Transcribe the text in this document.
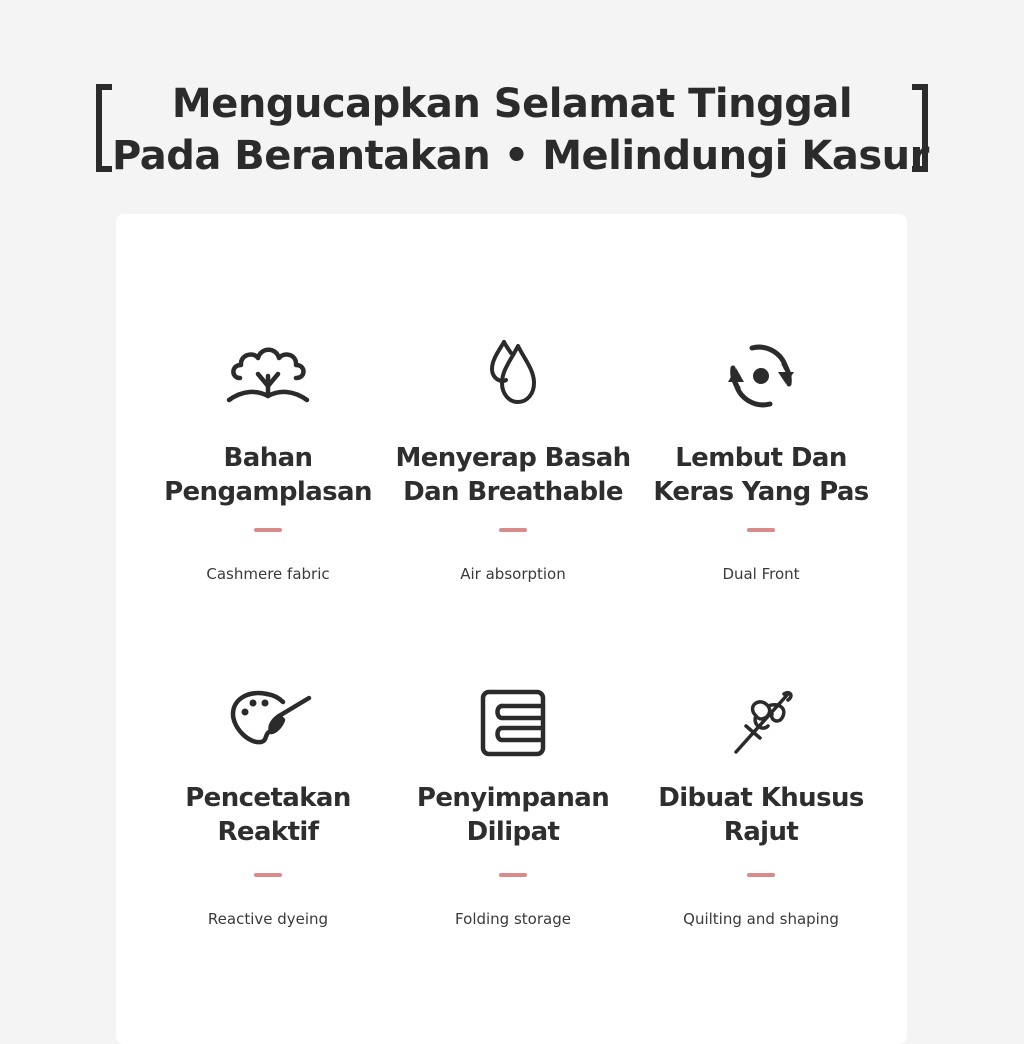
Mengucapkan Selamat Tinggal
Pada Berantakan • Melindungi Kasur
Bahan
Pengamplasan
Cashmere fabric
Menyerap Basah
Dan Breathable
Air absorption
Lembut Dan
Keras Yang Pas
Dual Front
Pencetakan
Reaktif
Reactive dyeing
Penyimpanan
Dilipat
Folding storage
Dibuat Khusus
Rajut
Quilting and shaping
